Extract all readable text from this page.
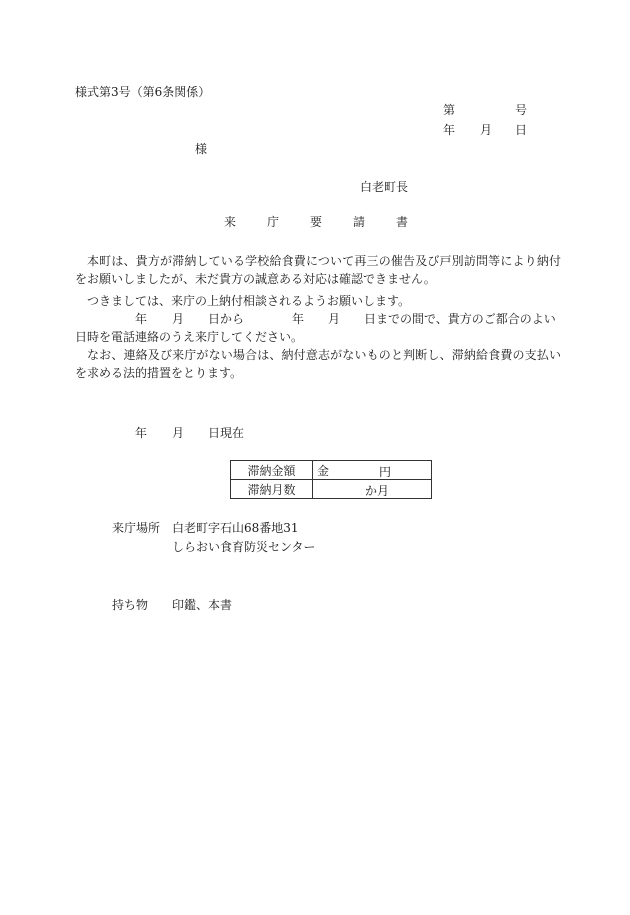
様式第3号（第6条関係）
第	号
年 月 日
様
白老町長
来	庁	要	請	書

本町は、貴方が滞納している学校給食費について再三の催告及び戸別訪問等により納付をお願いしましたが、未だ貴方の誠意ある対応は確認できません。

つきましては、来庁の上納付相談されるようお願いします。

年 月 日から	年 月 日までの間で、貴方のご都合のよい

日時を電話連絡のうえ来庁してください。

なお、連絡及び来庁がない場合は、納付意志がないものと判断し、滞納給食費の支払いを求める法的措置をとります。

年 月 日現在
滞納金額	金 円

滞納月数	か月
来庁場所 白老町字石山68番地31
しらおい食育防災センター
持ち物 印鑑、本書
